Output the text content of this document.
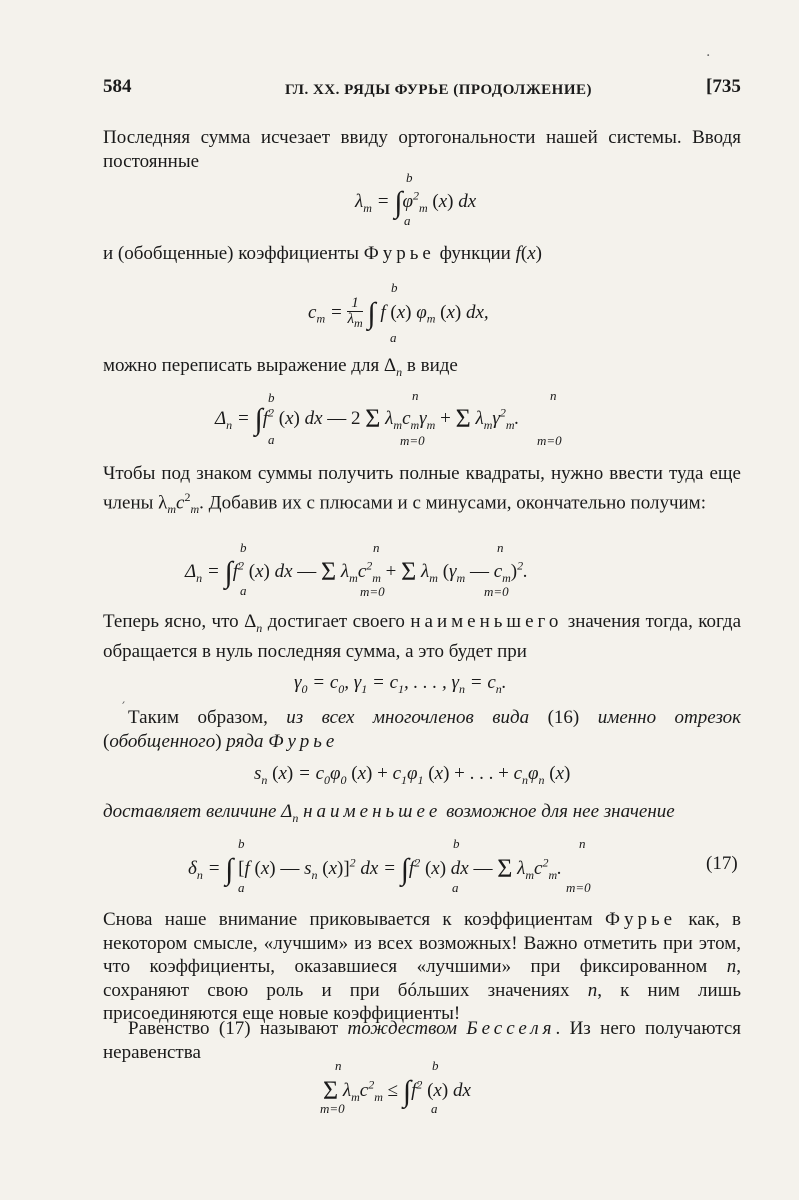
584	ГЛ. XX. РЯДЫ ФУРЬЕ (ПРОДОЛЖЕНИЕ)	[735
·
Последняя сумма исчезает ввиду ортогональности нашей системы. Вводя постоянные
$\lambda_m = \int\varphi^2_m$ (x) dx
b
a
и (обобщенные) коэффициенты Фурье функции f(x)
$c_m = \frac{1}{\lambda_m}$ ∫ f (x) $\varphi_m$ (x) dx,
b
a
можно переписать выражение для $\Delta_n$ в виде
$\Delta_n = \int f^2$ (x) dx — 2 Σ $\lambda_mc_m\gamma_m + \Sigma$ $\lambda_m\gamma^2_m$.
b
a
n
m=0
n
m=0
Чтобы под знаком суммы получить полные квадраты, нужно ввести туда еще члены $\lambda_mc^2_m$. Добавив их с плюсами и с минусами, окончательно получим:
$\Delta_n = \int f^2$ (x) dx — Σ $\lambda_mc^2_m + \Sigma$ $\lambda_m$ ($\gamma_m$ — $c_m)^2$.
b
a
n
m=0
n
m=0
Теперь ясно, что $\Delta_n$ достигает своего наименьшего значения тогда, когда обращается в нуль последняя сумма, а это будет при
$\gamma_0 = c_0$, $\gamma_1 = c_1$, . . . , $\gamma_n = c_n$.
′ Таким образом, из всех многочленов вида (16) именно отрезок (обобщенного) ряда Фурье
$s_n$ $(x) = c_0\varphi_0$ $(x) + c_1\varphi_1$ (x) + . . . + $c_n\varphi_n$ (x)
доставляет величине $\Delta_n$ наименьшее возможное для нее значение
$\delta_n$ = ∫ [f (x) — $s_n$ (x)]$^2$ dx = $\int f^2$ (x) dx — Σ $\lambda_mc^2_m$.	(17)
b
a
b
a
n
m=0
Снова наше внимание приковывается к коэффициентам Фурье как, в некотором смысле, «лучшим» из всех возможных! Важно отметить при этом, что коэффициенты, оказавшиеся «лучшими» при фиксированном n, сохраняют свою роль и при бóльших значениях n, к ним лишь присоединяются еще новые коэффициенты!
Равенство (17) называют тождеством Бесселя. Из него получаются неравенства
Σ $\lambda_mc^2_m \le \int f^2$ (x) dx
n
m=0
b
a
